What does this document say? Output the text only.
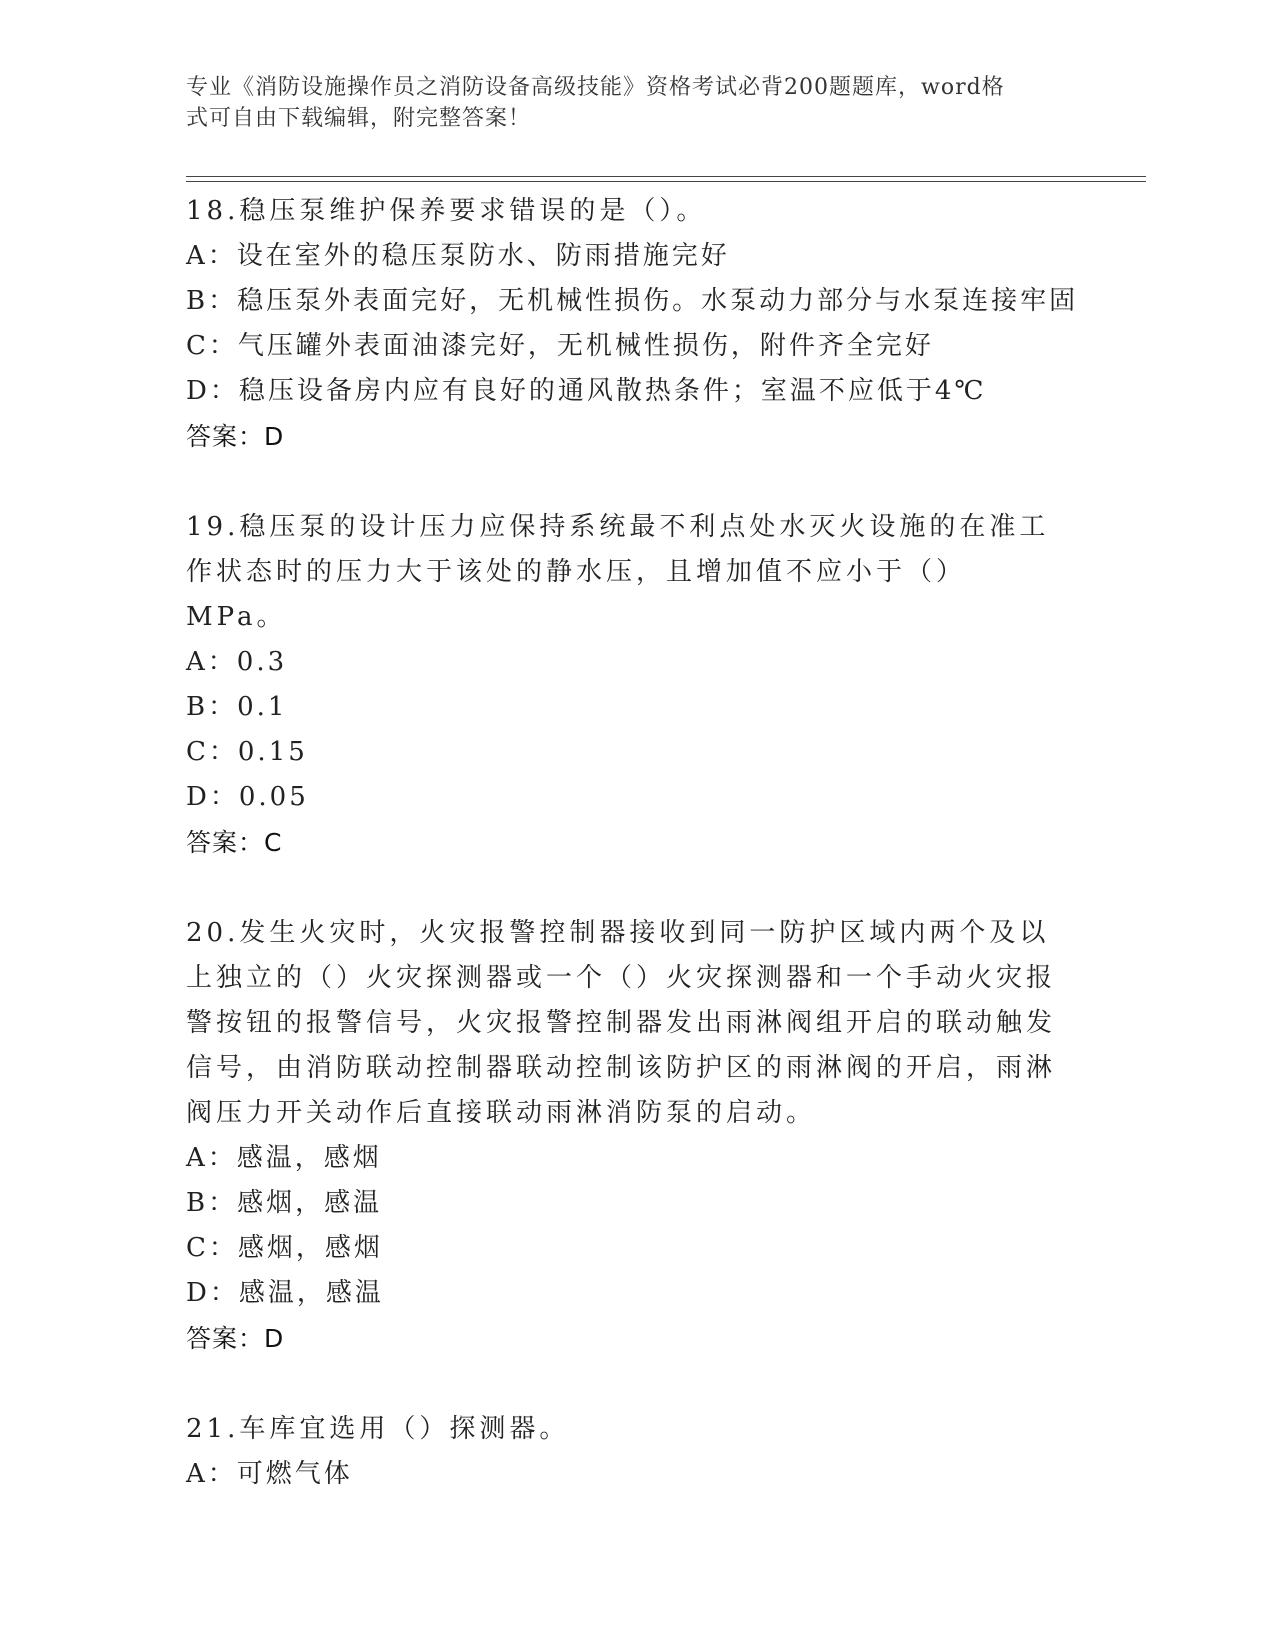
专业《消防设施操作员之消防设备高级技能》资格考试必背200题题库，word格
式可自由下载编辑，附完整答案！

18.稳压泵维护保养要求错误的是（）。

A：设在室外的稳压泵防水、防雨措施完好

B：稳压泵外表面完好，无机械性损伤。水泵动力部分与水泵连接牢固

C：气压罐外表面油漆完好，无机械性损伤，附件齐全完好

D：稳压设备房内应有良好的通风散热条件；室温不应低于4℃

答案：D

19.稳压泵的设计压力应保持系统最不利点处水灭火设施的在准工作状态时的压力大于该处的静水压，且增加值不应小于（）MPa。

A：0.3

B：0.1

C：0.15

D：0.05

答案：C

20.发生火灾时，火灾报警控制器接收到同一防护区域内两个及以上独立的（）火灾探测器或一个（）火灾探测器和一个手动火灾报警按钮的报警信号，火灾报警控制器发出雨淋阀组开启的联动触发信号，由消防联动控制器联动控制该防护区的雨淋阀的开启，雨淋阀压力开关动作后直接联动雨淋消防泵的启动。

A：感温，感烟

B：感烟，感温

C：感烟，感烟

D：感温，感温

答案：D

21.车库宜选用（）探测器。

A：可燃气体
